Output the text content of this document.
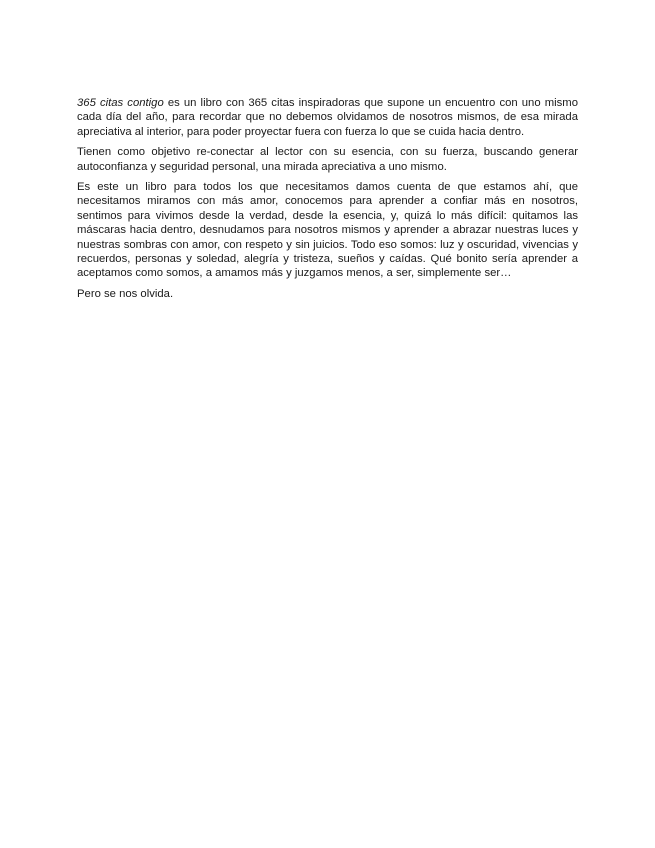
365 citas contigo es un libro con 365 citas inspiradoras que supone un encuentro con uno mismo cada día del año, para recordar que no debemos olvidamos de nosotros mismos, de esa mirada apreciativa al interior, para poder proyectar fuera con fuerza lo que se cuida hacia dentro.

Tienen como objetivo re-conectar al lector con su esencia, con su fuerza, buscando generar autoconfianza y seguridad personal, una mirada apreciativa a uno mismo.

Es este un libro para todos los que necesitamos damos cuenta de que estamos ahí, que necesitamos miramos con más amor, conocemos para aprender a confiar más en nosotros, sentimos para vivimos desde la verdad, desde la esencia, y, quizá lo más difícil: quitamos las máscaras hacia dentro, desnudamos para nosotros mismos y aprender a abrazar nuestras luces y nuestras sombras con amor, con respeto y sin juicios. Todo eso somos: luz y oscuridad, vivencias y recuerdos, personas y soledad, alegría y tristeza, sueños y caídas. Qué bonito sería aprender a aceptamos como somos, a amamos más y juzgamos menos, a ser, simplemente ser…

Pero se nos olvida.
